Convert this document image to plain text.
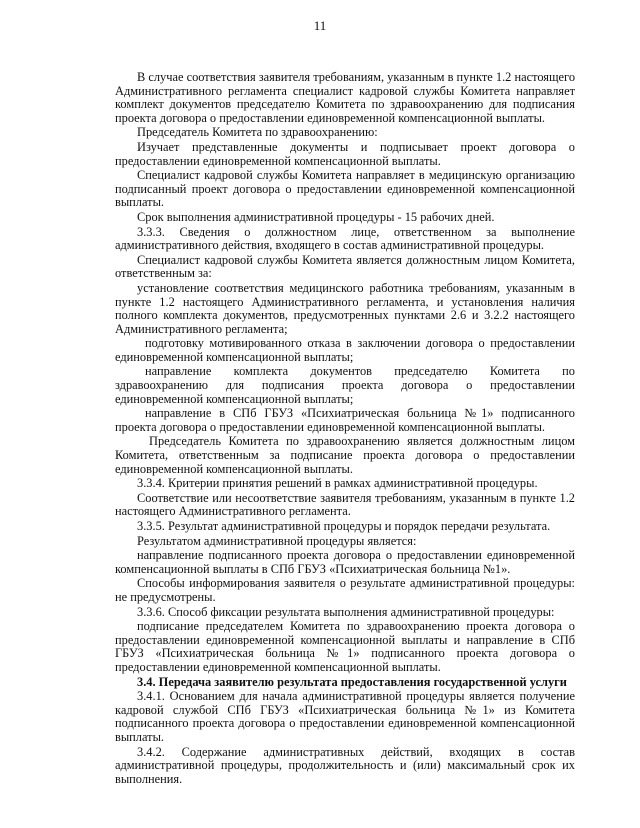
11

В случае соответствия заявителя требованиям, указанным в пункте 1.2 настоящего Административного регламента специалист кадровой службы Комитета направляет комплект документов председателю Комитета по здравоохранению для подписания проекта договора о предоставлении единовременной компенсационной выплаты.

Председатель Комитета по здравоохранению:

Изучает представленные документы и подписывает проект договора о предоставлении единовременной компенсационной выплаты.

Специалист кадровой службы Комитета направляет в медицинскую организацию подписанный проект договора о предоставлении единовременной компенсационной выплаты.

Срок выполнения административной процедуры - 15 рабочих дней.

3.3.3. Сведения о должностном лице, ответственном за выполнение административного действия, входящего в состав административной процедуры.

Специалист кадровой службы Комитета является должностным лицом Комитета, ответственным за:

установление соответствия медицинского работника требованиям, указанным в пункте 1.2 настоящего Административного регламента, и установления наличия полного комплекта документов, предусмотренных пунктами 2.6 и 3.2.2 настоящего Административного регламента;

подготовку мотивированного отказа в заключении договора о предоставлении единовременной компенсационной выплаты;

направление комплекта документов председателю Комитета по здравоохранению для подписания проекта договора о предоставлении единовременной компенсационной выплаты;

направление в СПб ГБУЗ «Психиатрическая больница №1» подписанного проекта договора о предоставлении единовременной компенсационной выплаты.

Председатель Комитета по здравоохранению является должностным лицом Комитета, ответственным за подписание проекта договора о предоставлении единовременной компенсационной выплаты.

3.3.4. Критерии принятия решений в рамках административной процедуры.

Соответствие или несоответствие заявителя требованиям, указанным в пункте 1.2 настоящего Административного регламента.

3.3.5. Результат административной процедуры и порядок передачи результата.

Результатом административной процедуры является:

направление подписанного проекта договора о предоставлении единовременной компенсационной выплаты в СПб ГБУЗ «Психиатрическая больница №1».

Способы информирования заявителя о результате административной процедуры: не предусмотрены.

3.3.6. Способ фиксации результата выполнения административной процедуры:

подписание председателем Комитета по здравоохранению проекта договора о предоставлении единовременной компенсационной выплаты и направление в СПб ГБУЗ «Психиатрическая больница №1» подписанного проекта договора о предоставлении единовременной компенсационной выплаты.

3.4. Передача заявителю результата предоставления государственной услуги

3.4.1. Основанием для начала административной процедуры является получение кадровой службой СПб ГБУЗ «Психиатрическая больница №1» из Комитета подписанного проекта договора о предоставлении единовременной компенсационной выплаты.

3.4.2. Содержание административных действий, входящих в состав административной процедуры, продолжительность и (или) максимальный срок их выполнения.
